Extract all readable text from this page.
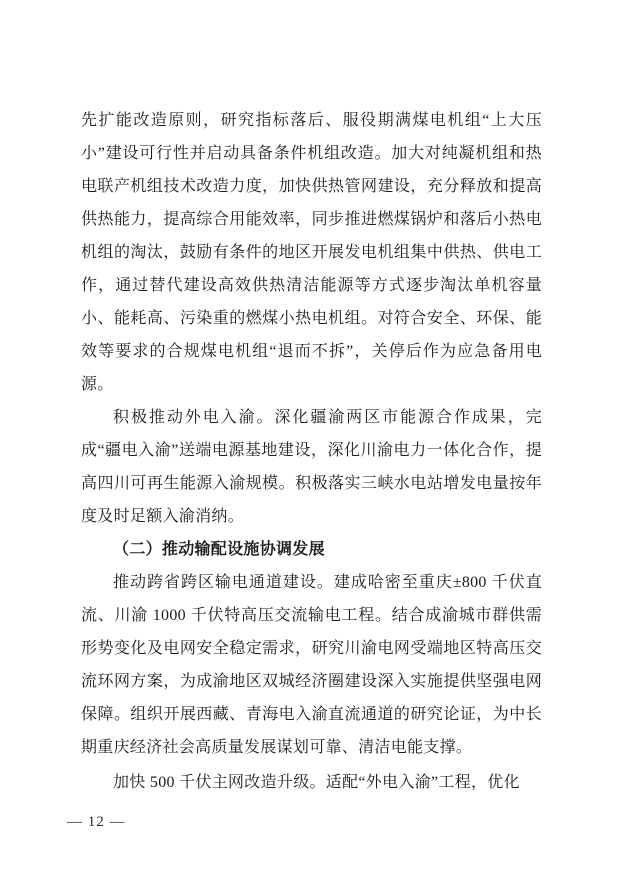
先扩能改造原则，研究指标落后、服役期满煤电机组“上大压小”建设可行性并启动具备条件机组改造。加大对纯凝机组和热电联产机组技术改造力度，加快供热管网建设，充分释放和提高供热能力，提高综合用能效率，同步推进燃煤锅炉和落后小热电机组的淘汰，鼓励有条件的地区开展发电机组集中供热、供电工作，通过替代建设高效供热清洁能源等方式逐步淘汰单机容量小、能耗高、污染重的燃煤小热电机组。对符合安全、环保、能效等要求的合规煤电机组“退而不拆”，关停后作为应急备用电源。

积极推动外电入渝。深化疆渝两区市能源合作成果，完成“疆电入渝”送端电源基地建设，深化川渝电力一体化合作，提高四川可再生能源入渝规模。积极落实三峡水电站增发电量按年度及时足额入渝消纳。

（二）推动输配设施协调发展

推动跨省跨区输电通道建设。建成哈密至重庆±800 千伏直流、川渝 1000 千伏特高压交流输电工程。结合成渝城市群供需形势变化及电网安全稳定需求，研究川渝电网受端地区特高压交流环网方案，为成渝地区双城经济圈建设深入实施提供坚强电网保障。组织开展西藏、青海电入渝直流通道的研究论证，为中长期重庆经济社会高质量发展谋划可靠、清洁电能支撑。

加快 500 千伏主网改造升级。适配“外电入渝”工程，优化

— 12 —
